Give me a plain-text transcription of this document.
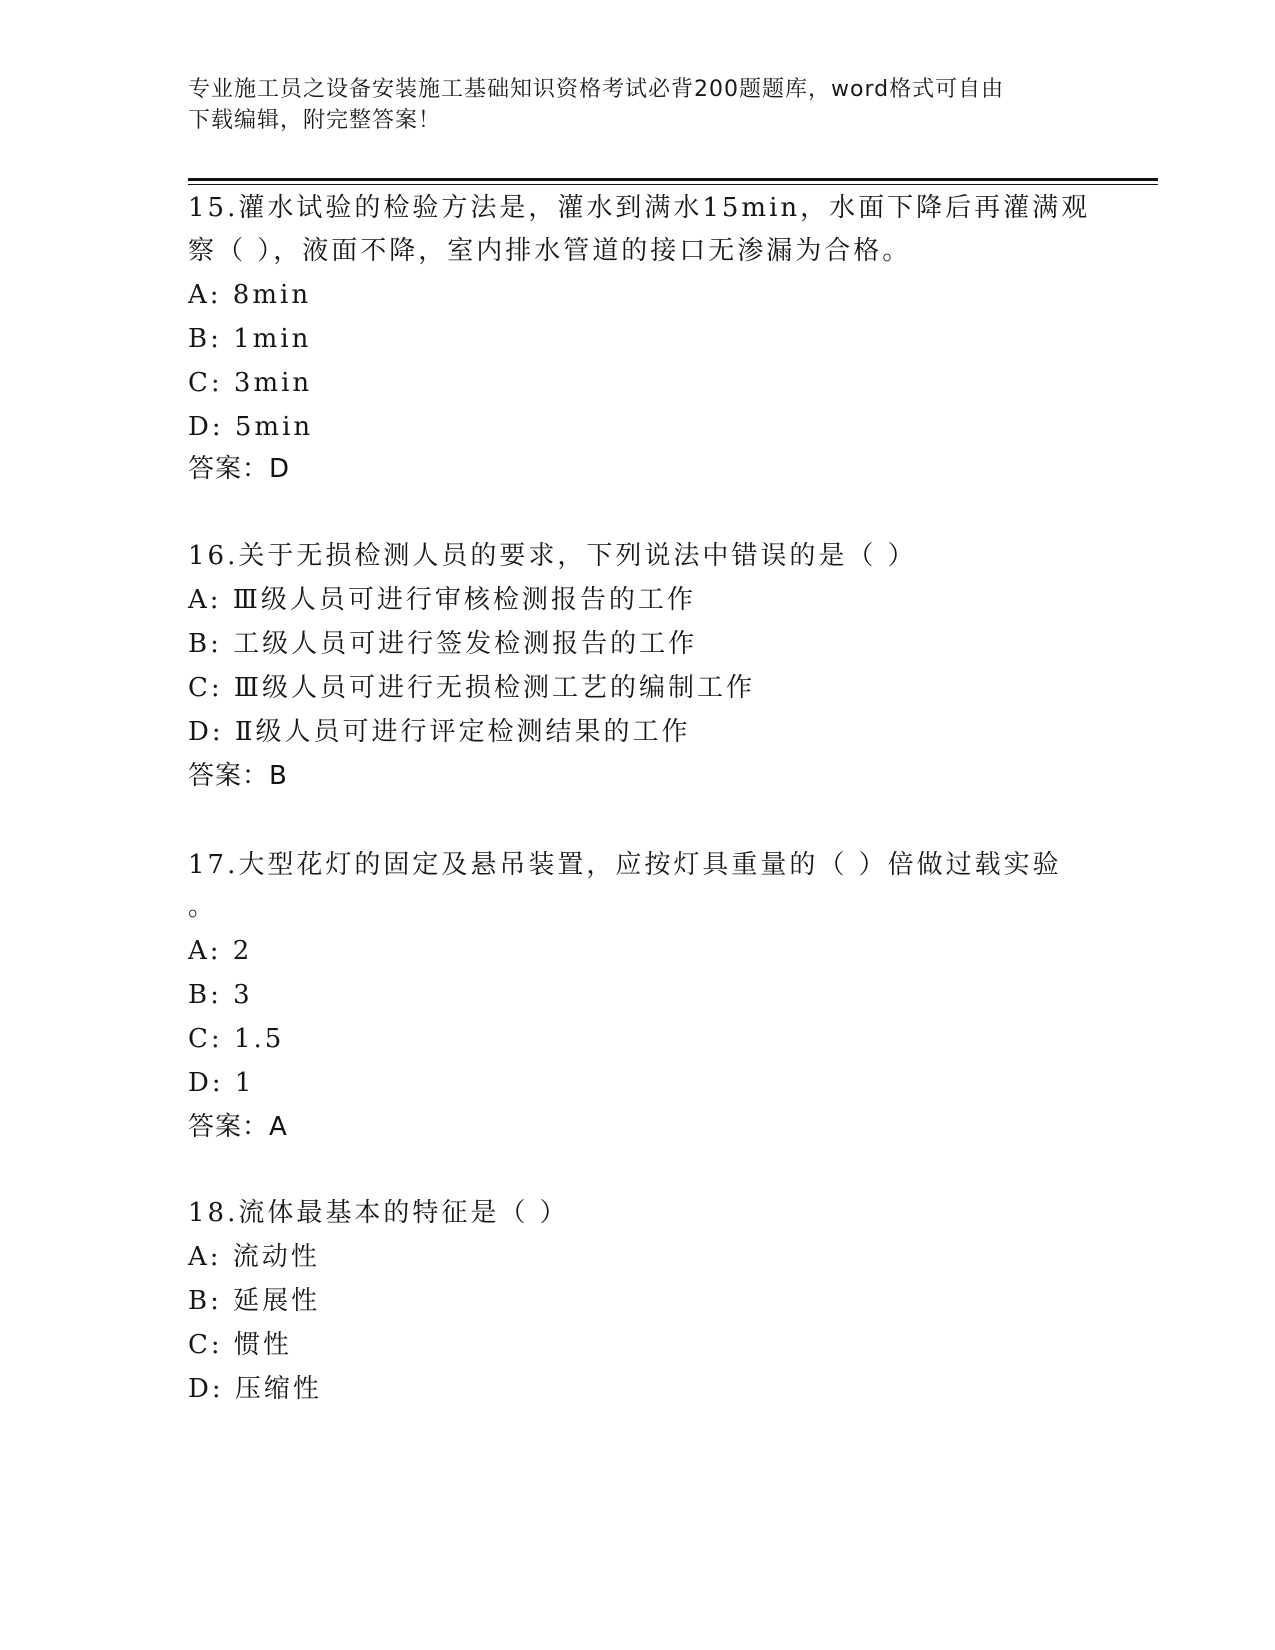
专业施工员之设备安装施工基础知识资格考试必背200题题库，word格式可自由
下载编辑，附完整答案！
15.灌水试验的检验方法是，灌水到满水15min，水面下降后再灌满观
察（ ），液面不降，室内排水管道的接口无渗漏为合格。
A: 8min
B: 1min
C: 3min
D: 5min
答案：D
16.关于无损检测人员的要求，下列说法中错误的是（ ）
A: Ⅲ级人员可进行审核检测报告的工作
B: 工级人员可进行签发检测报告的工作
C: Ⅲ级人员可进行无损检测工艺的编制工作
D: Ⅱ级人员可进行评定检测结果的工作
答案：B
17.大型花灯的固定及悬吊装置，应按灯具重量的（ ）倍做过载实验
。
A: 2
B: 3
C: 1.5
D: 1
答案：A
18.流体最基本的特征是（ ）
A: 流动性
B: 延展性
C: 惯性
D: 压缩性
